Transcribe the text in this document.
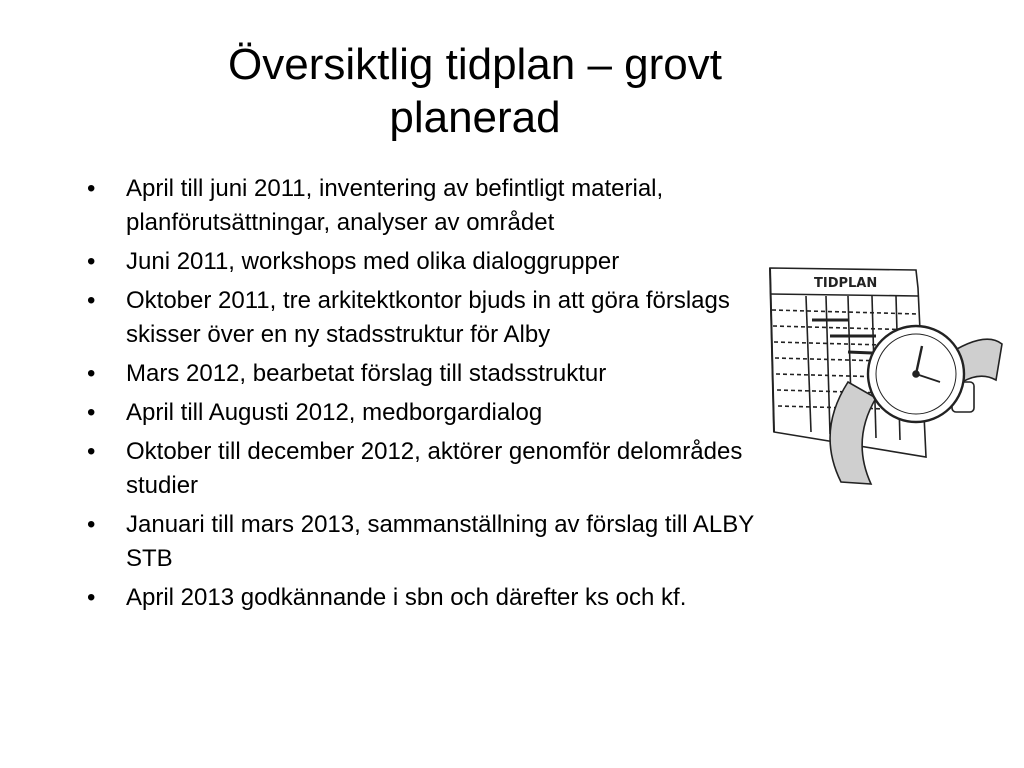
Översiktlig tidplan – grovt planerad
• April till juni 2011, inventering av befintligt material, planförutsättningar, analyser av området
• Juni 2011, workshops med olika dialoggrupper
• Oktober 2011, tre arkitektkontor bjuds in att göra förslags skisser över en ny stadsstruktur för Alby
• Mars 2012, bearbetat förslag till stadsstruktur
• April till Augusti 2012, medborgardialog
• Oktober till december 2012, aktörer genomför delområdes studier
• Januari till mars 2013, sammanställning av förslag till ALBY STB
• April 2013 godkännande i sbn och därefter ks och kf.
TIDPLAN
